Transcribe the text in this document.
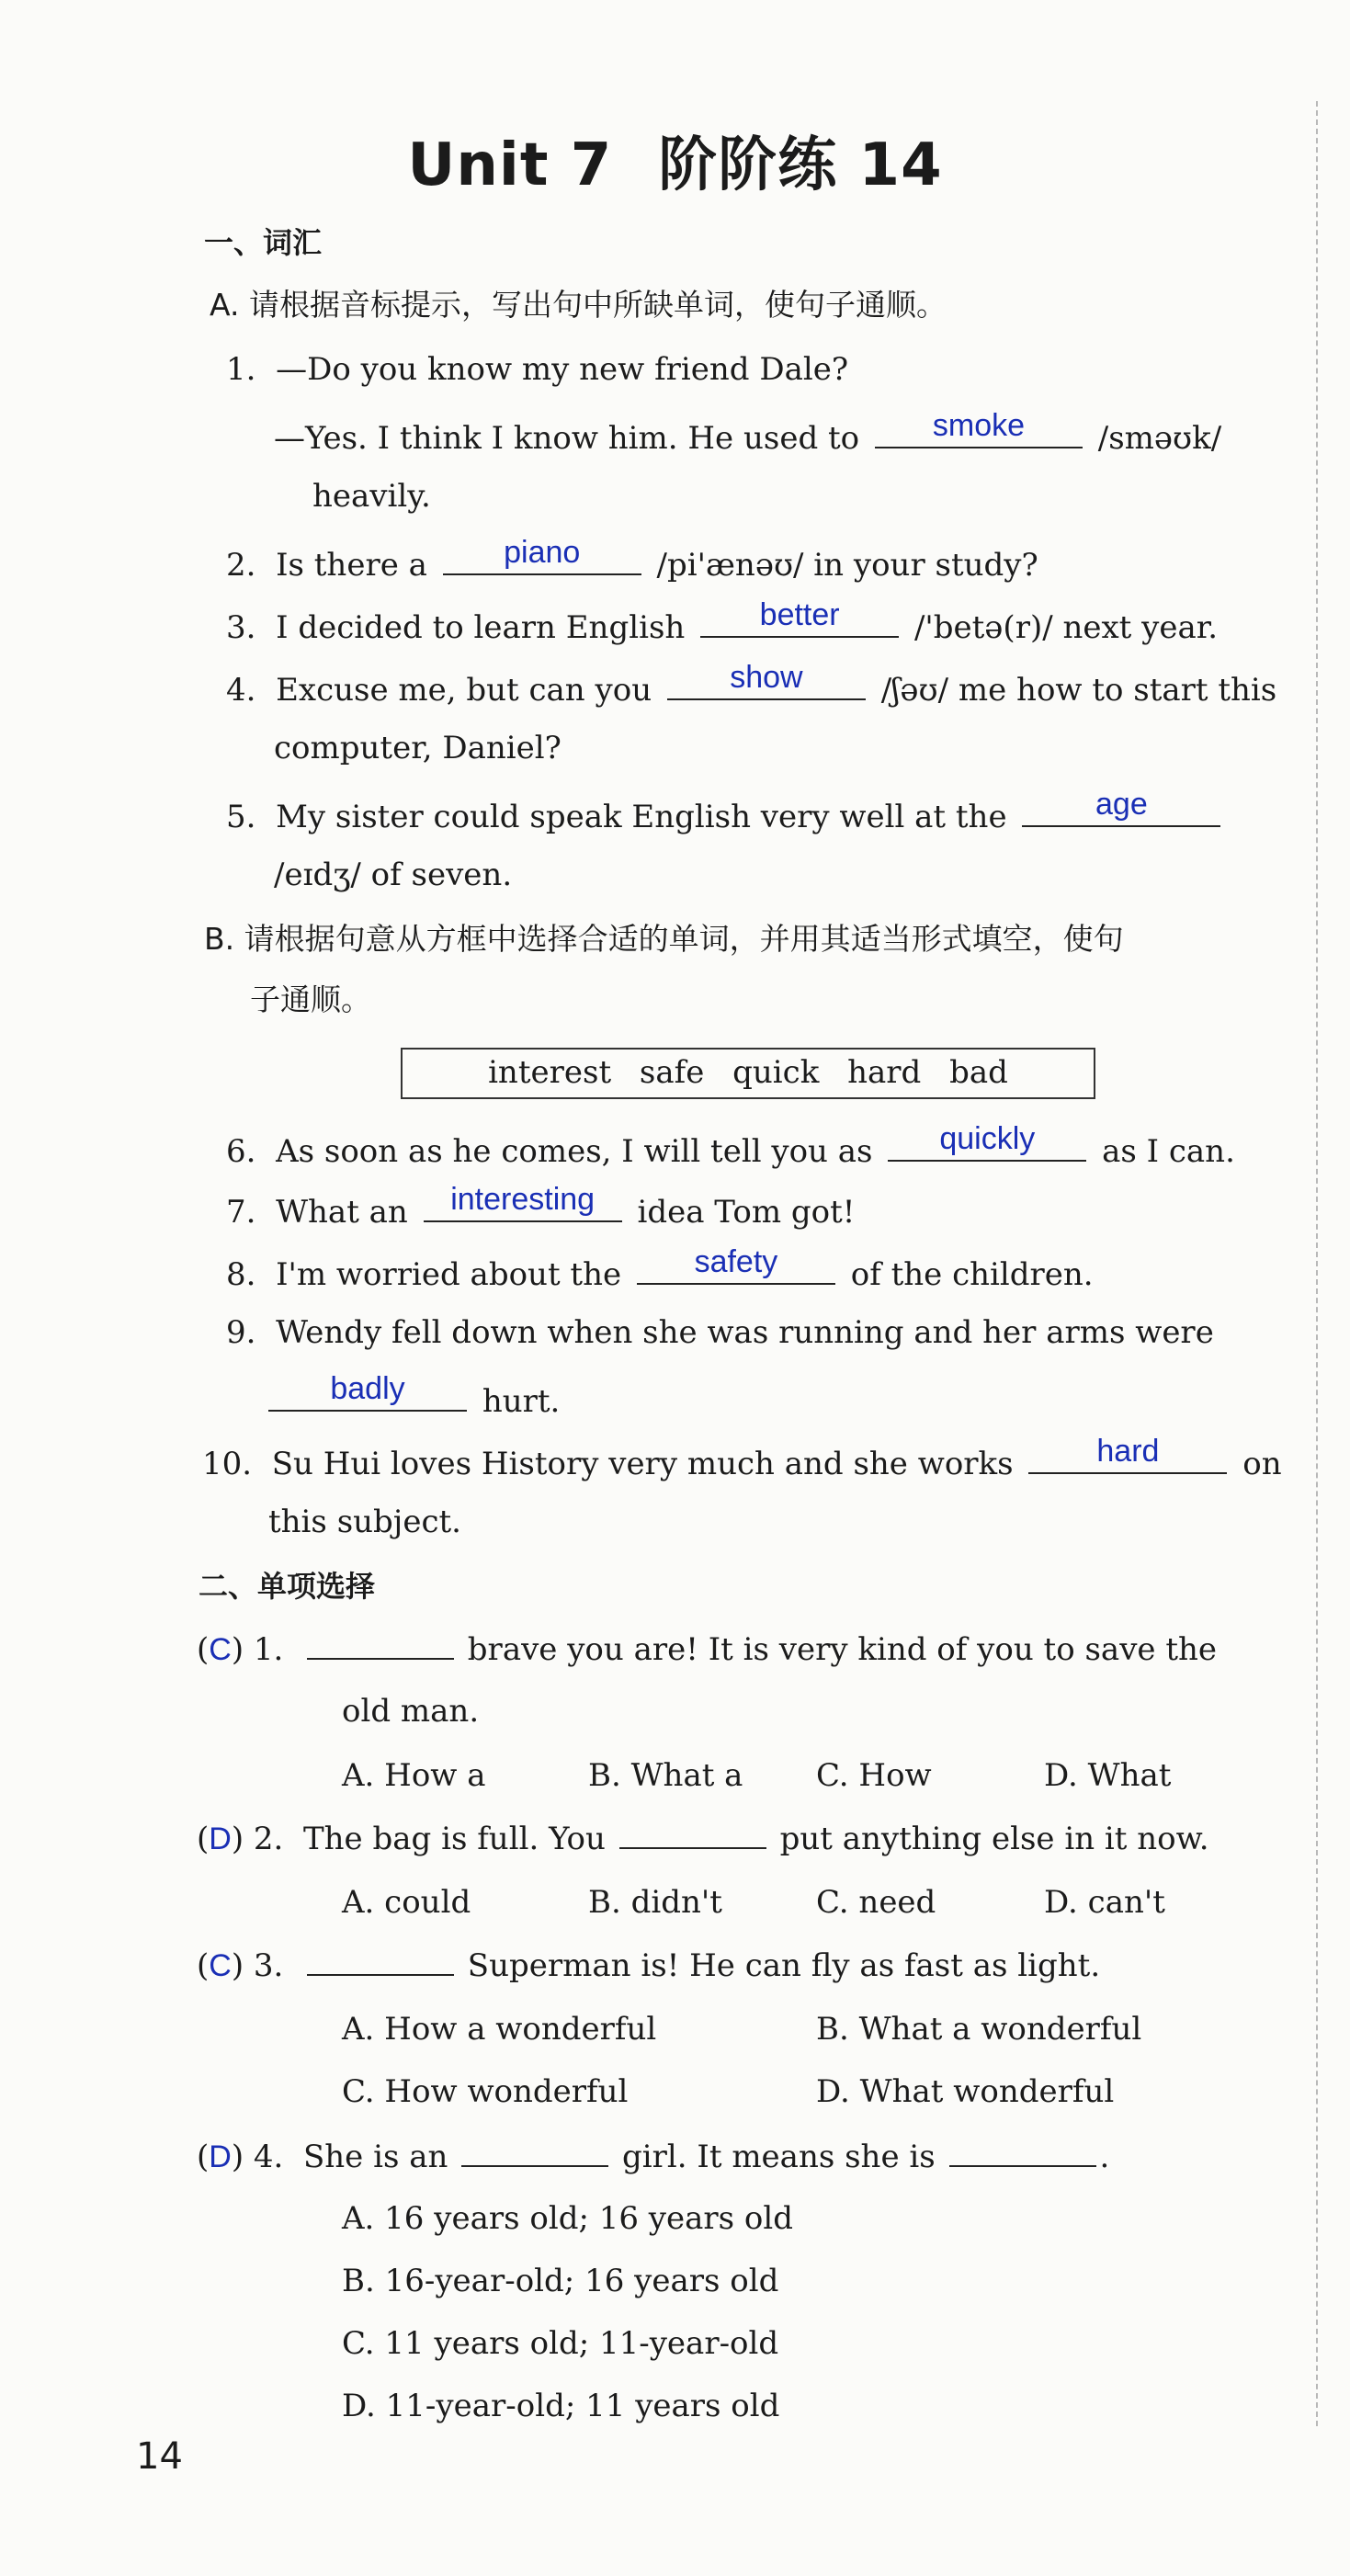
Unit 7 阶阶练 14
一、词汇
A. 请根据音标提示，写出句中所缺单词，使句子通顺。
1. —Do you know my new friend Dale?
—Yes. I think I know him. He used to	smoke	/sməʊk/
heavily.
2. Is there a	piano	/pi'ænəʊ/ in your study?
3. I decided to learn English	better	/'betə(r)/ next year.
4. Excuse me, but can you	show	/ʃəʊ/ me how to start this
computer, Daniel?
5. My sister could speak English very well at the	age
/eɪdʒ/ of seven.
B. 请根据句意从方框中选择合适的单词，并用其适当形式填空，使句
子通顺。
interest safe quick hard bad
6. As soon as he comes, I will tell you as	quickly	as I can.
7. What an	interesting	idea Tom got!
8. I'm worried about the	safety	of the children.
9. Wendy fell down when she was running and her arms were
badly	hurt.
10. Su Hui loves History very much and she works	hard	on
this subject.
二、单项选择
(C) 1.	brave you are! It is very kind of you to save the
old man.
A. How a	B. What a C. How	D. What
(D) 2. The bag is full. You	put anything else in it now.
A. could	B. didn't	C. need	D. can't
(C) 3.	Superman is! He can fly as fast as light.
A. How a wonderful	B. What a wonderful
C. How wonderful	D. What wonderful
(D) 4. She is an	girl. It means she is	.
A. 16 years old; 16 years old
B. 16-year-old; 16 years old
C. 11 years old; 11-year-old
D. 11-year-old; 11 years old
14
